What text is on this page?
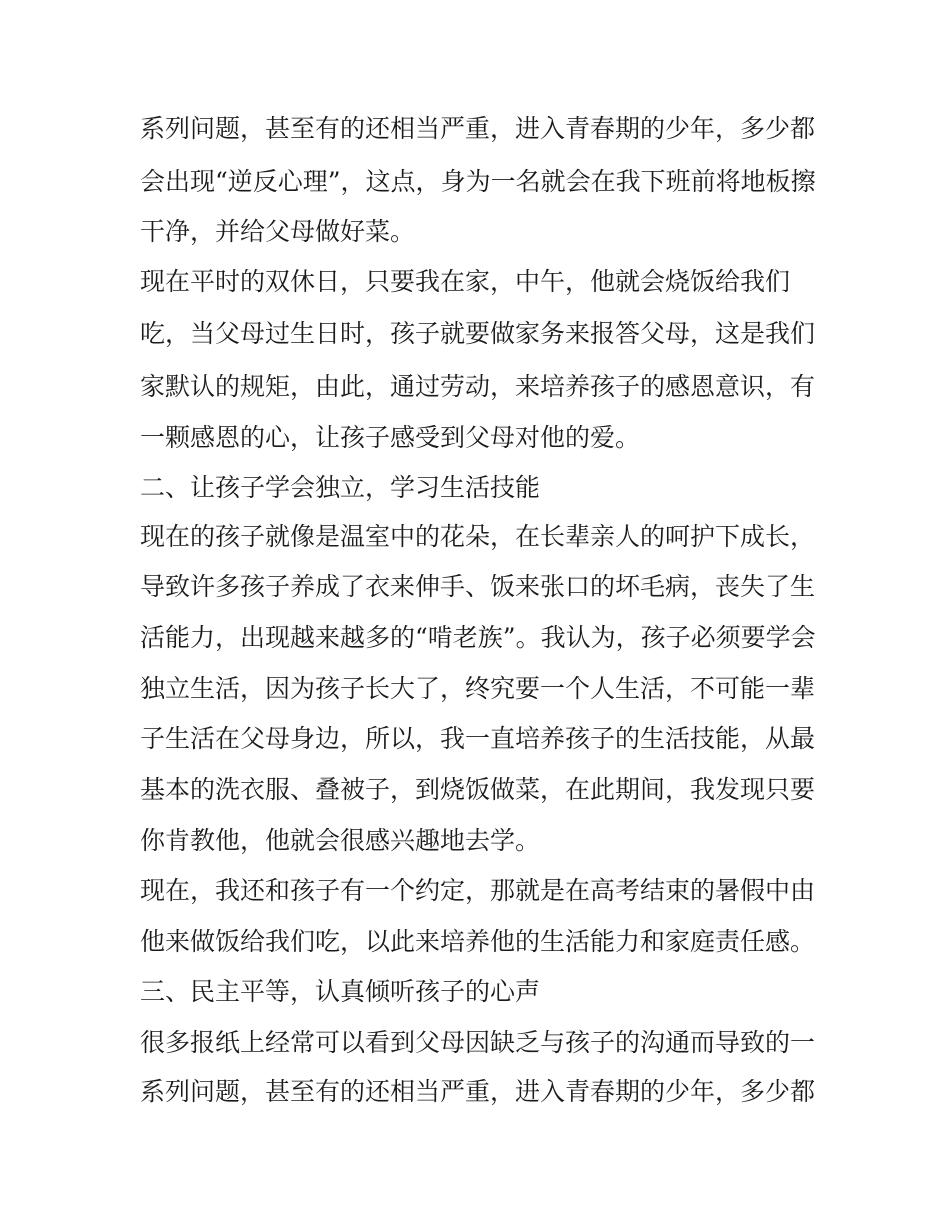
系列问题，甚至有的还相当严重，进入青春期的少年，多少都
会出现“逆反心理”，这点，身为一名就会在我下班前将地板擦
干净，并给父母做好菜。
现在平时的双休日，只要我在家，中午，他就会烧饭给我们
吃，当父母过生日时，孩子就要做家务来报答父母，这是我们
家默认的规矩，由此，通过劳动，来培养孩子的感恩意识，有
一颗感恩的心，让孩子感受到父母对他的爱。
二、让孩子学会独立，学习生活技能
现在的孩子就像是温室中的花朵，在长辈亲人的呵护下成长，
导致许多孩子养成了衣来伸手、饭来张口的坏毛病，丧失了生
活能力，出现越来越多的“啃老族”。我认为，孩子必须要学会
独立生活，因为孩子长大了，终究要一个人生活，不可能一辈
子生活在父母身边，所以，我一直培养孩子的生活技能，从最
基本的洗衣服、叠被子，到烧饭做菜，在此期间，我发现只要
你肯教他，他就会很感兴趣地去学。
现在，我还和孩子有一个约定，那就是在高考结束的暑假中由
他来做饭给我们吃，以此来培养他的生活能力和家庭责任感。
三、民主平等，认真倾听孩子的心声
很多报纸上经常可以看到父母因缺乏与孩子的沟通而导致的一
系列问题，甚至有的还相当严重，进入青春期的少年，多少都
